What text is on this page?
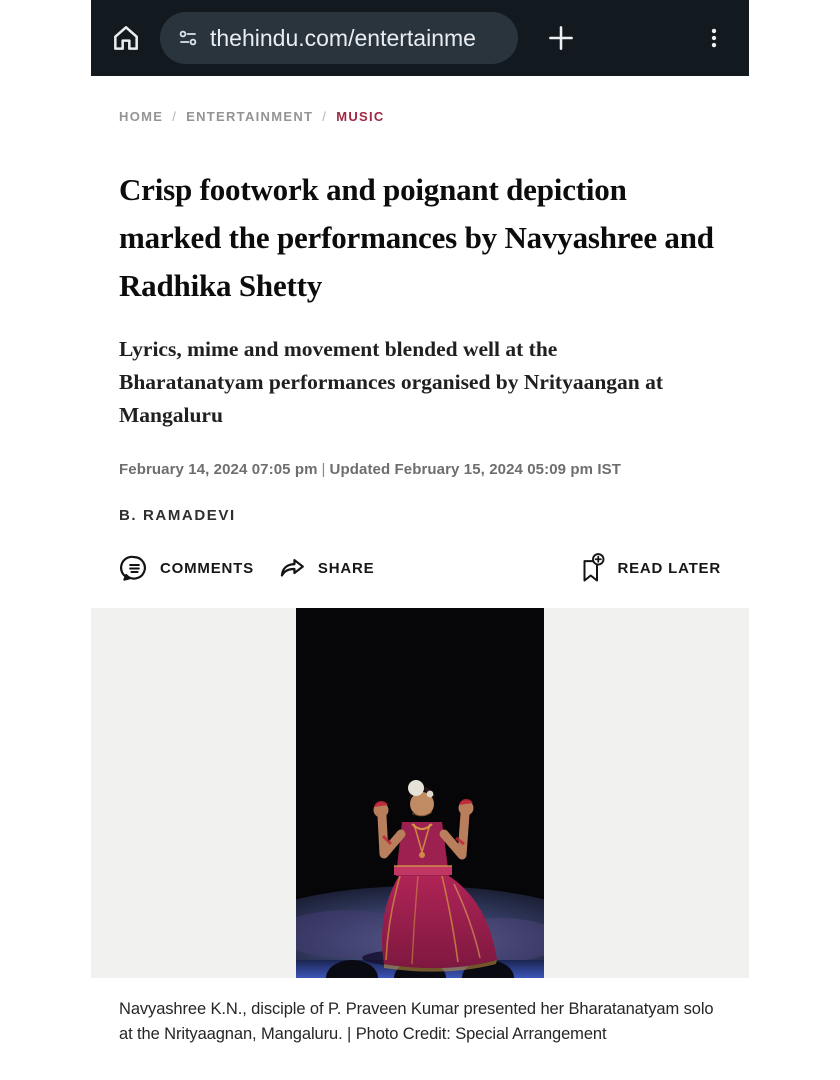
thehindu.com/entertainme
HOME / ENTERTAINMENT / MUSIC
Crisp footwork and poignant depiction marked the performances by Navyashree and Radhika Shetty
Lyrics, mime and movement blended well at the Bharatanatyam performances organised by Nrityaangan at Mangaluru
February 14, 2024 07:05 pm | Updated February 15, 2024 05:09 pm IST
B. RAMADEVI
COMMENTS	SHARE	READ LATER
Navyashree K.N., disciple of P. Praveen Kumar presented her Bharatanatyam solo at the Nrityaagnan, Mangaluru. | Photo Credit: Special Arrangement
